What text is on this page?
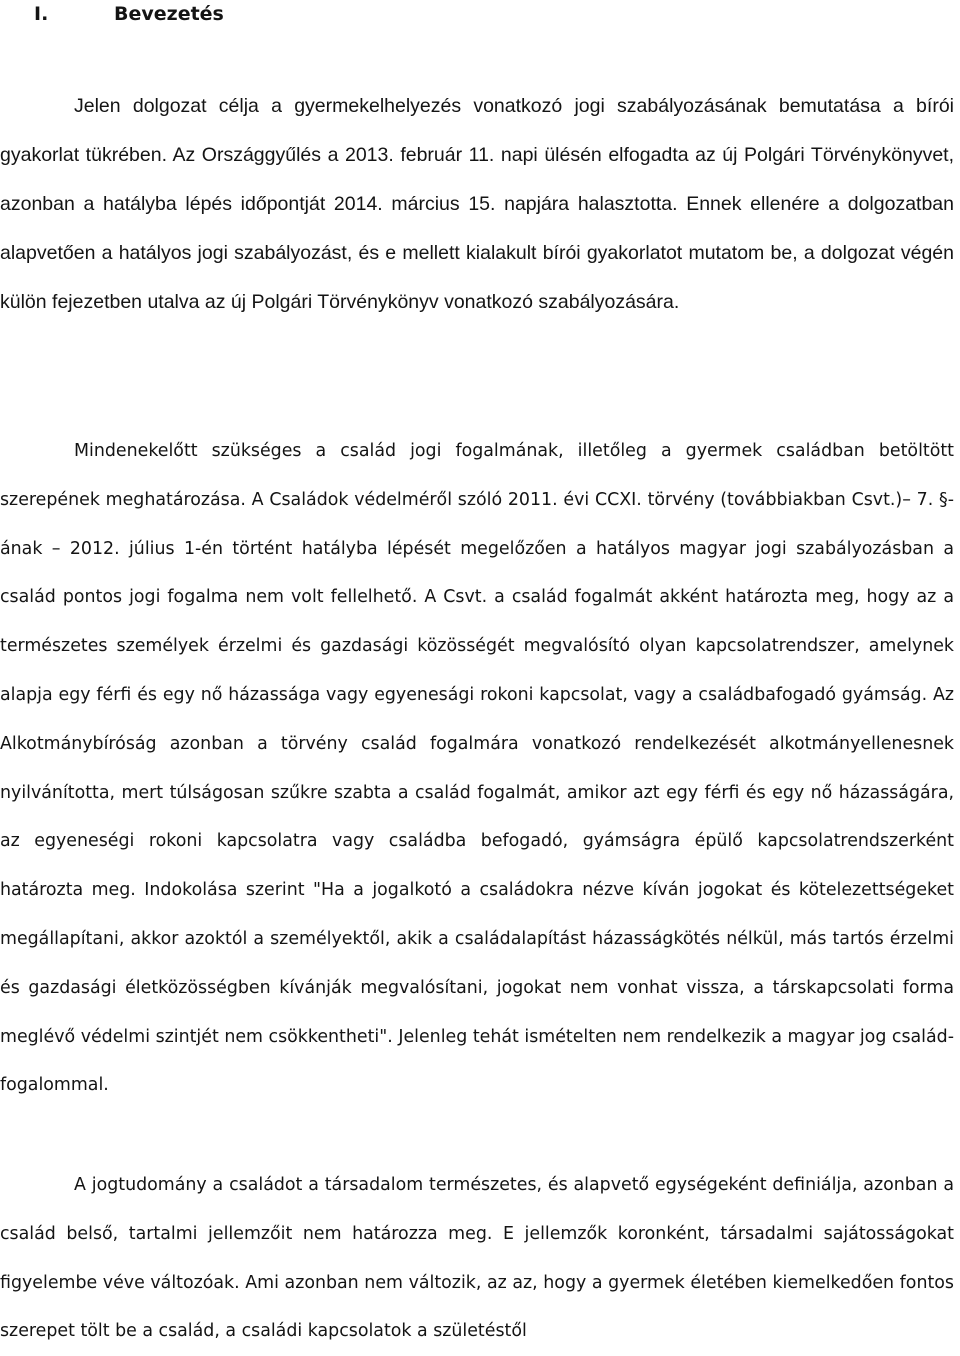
I.	Bevezetés

Jelen dolgozat célja a gyermekelhelyezés vonatkozó jogi szabályozásának bemutatása a bírói gyakorlat tükrében. Az Országgyűlés a 2013. február 11. napi ülésén elfogadta az új Polgári Törvénykönyvet, azonban a hatályba lépés időpontját 2014. március 15. napjára halasztotta. Ennek ellenére a dolgozatban alapvetően a hatályos jogi szabályozást, és e mellett kialakult bírói gyakorlatot mutatom be, a dolgozat végén külön fejezetben utalva az új Polgári Törvénykönyv vonatkozó szabályozására.

Mindenekelőtt szükséges a család jogi fogalmának, illetőleg a gyermek családban betöltött szerepének meghatározása. A Családok védelméről szóló 2011. évi CCXI. törvény (továbbiakban Csvt.)– 7. §-ának – 2012. július 1-én történt hatályba lépését megelőzően a hatályos magyar jogi szabályozásban a család pontos jogi fogalma nem volt fellelhető. A Csvt. a család fogalmát akként határozta meg, hogy az a természetes személyek érzelmi és gazdasági közösségét megvalósító olyan kapcsolatrendszer, amelynek alapja egy férfi és egy nő házassága vagy egyenesági rokoni kapcsolat, vagy a családbafogadó gyámság. Az Alkotmánybíróság azonban a törvény család fogalmára vonatkozó rendelkezését alkotmányellenesnek nyilvánította, mert túlságosan szűkre szabta a család fogalmát, amikor azt egy férfi és egy nő házasságára, az egyeneségi rokoni kapcsolatra vagy családba befogadó, gyámságra épülő kapcsolatrendszerként határozta meg. Indokolása szerint "Ha a jogalkotó a családokra nézve kíván jogokat és kötelezettségeket megállapítani, akkor azoktól a személyektől, akik a családalapítást házasságkötés nélkül, más tartós érzelmi és gazdasági életközösségben kívánják megvalósítani, jogokat nem vonhat vissza, a társkapcsolati forma meglévő védelmi szintjét nem csökkentheti". Jelenleg tehát ismételten nem rendelkezik a magyar jog család-fogalommal.

A jogtudomány a családot a társadalom természetes, és alapvető egységeként definiálja, azonban a család belső, tartalmi jellemzőit nem határozza meg. E jellemzők koronként, társadalmi sajátosságokat figyelembe véve változóak. Ami azonban nem változik, az az, hogy a gyermek életében kiemelkedően fontos szerepet tölt be a család, a családi kapcsolatok a születéstől
